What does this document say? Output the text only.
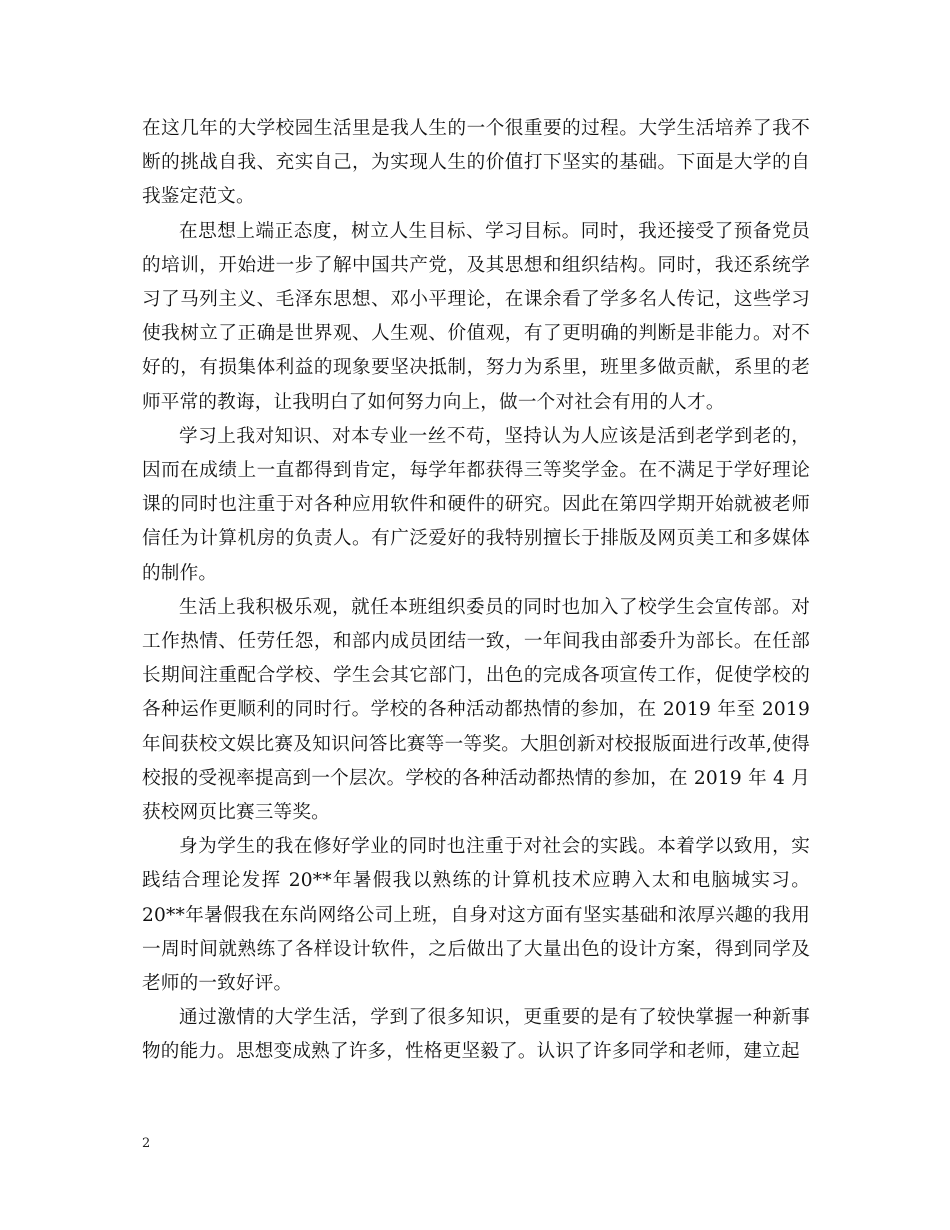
在这几年的大学校园生活里是我人生的一个很重要的过程。大学生活培养了我不断的挑战自我、充实自己，为实现人生的价值打下坚实的基础。下面是大学的自我鉴定范文。

在思想上端正态度，树立人生目标、学习目标。同时，我还接受了预备党员的培训，开始进一步了解中国共产党，及其思想和组织结构。同时，我还系统学习了马列主义、毛泽东思想、邓小平理论，在课余看了学多名人传记，这些学习使我树立了正确是世界观、人生观、价值观，有了更明确的判断是非能力。对不好的，有损集体利益的现象要坚决抵制，努力为系里，班里多做贡献，系里的老师平常的教诲，让我明白了如何努力向上，做一个对社会有用的人才。

学习上我对知识、对本专业一丝不苟，坚持认为人应该是活到老学到老的，因而在成绩上一直都得到肯定，每学年都获得三等奖学金。在不满足于学好理论课的同时也注重于对各种应用软件和硬件的研究。因此在第四学期开始就被老师信任为计算机房的负责人。有广泛爱好的我特别擅长于排版及网页美工和多媒体的制作。

生活上我积极乐观，就任本班组织委员的同时也加入了校学生会宣传部。对工作热情、任劳任怨，和部内成员团结一致，一年间我由部委升为部长。在任部长期间注重配合学校、学生会其它部门，出色的完成各项宣传工作，促使学校的各种运作更顺利的同时行。学校的各种活动都热情的参加，在 2019 年至 2019 年间获校文娱比赛及知识问答比赛等一等奖。大胆创新对校报版面进行改革,使得校报的受视率提高到一个层次。学校的各种活动都热情的参加，在 2019 年 4 月获校网页比赛三等奖。

身为学生的我在修好学业的同时也注重于对社会的实践。本着学以致用，实践结合理论发挥 20**年暑假我以熟练的计算机技术应聘入太和电脑城实习。20**年暑假我在东尚网络公司上班，自身对这方面有坚实基础和浓厚兴趣的我用一周时间就熟练了各样设计软件，之后做出了大量出色的设计方案，得到同学及老师的一致好评。

通过激情的大学生活，学到了很多知识，更重要的是有了较快掌握一种新事物的能力。思想变成熟了许多，性格更坚毅了。认识了许多同学和老师，建立起

2
